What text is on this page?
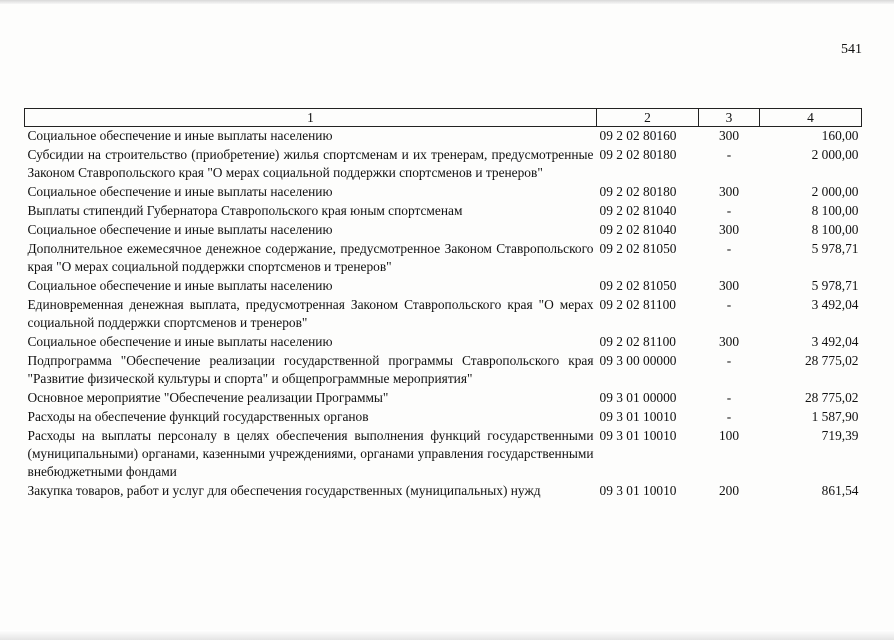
541
1	2	3	4
Социальное обеспечение и иные выплаты населению	09 2 02 80160	300	160,00
Субсидии на строительство (приобретение) жилья спортсменам и их тренерам, предусмотренные Законом Ставропольского края "О мерах социальной поддержки спортсменов и тренеров"	09 2 02 80180	-	2 000,00
Социальное обеспечение и иные выплаты населению	09 2 02 80180	300	2 000,00
Выплаты стипендий Губернатора Ставропольского края юным спортсменам	09 2 02 81040	-	8 100,00
Социальное обеспечение и иные выплаты населению	09 2 02 81040	300	8 100,00
Дополнительное ежемесячное денежное содержание, предусмотренное Законом Ставропольского края "О мерах социальной поддержки спортсменов и тренеров"	09 2 02 81050	-	5 978,71
Социальное обеспечение и иные выплаты населению	09 2 02 81050	300	5 978,71
Единовременная денежная выплата, предусмотренная Законом Ставропольского края "О мерах социальной поддержки спортсменов и тренеров"	09 2 02 81100	-	3 492,04
Социальное обеспечение и иные выплаты населению	09 2 02 81100	300	3 492,04
Подпрограмма "Обеспечение реализации государственной программы Ставропольского края "Развитие физической культуры и спорта" и общепрограммные мероприятия"	09 3 00 00000	-	28 775,02
Основное мероприятие "Обеспечение реализации Программы"	09 3 01 00000	-	28 775,02
Расходы на обеспечение функций государственных органов	09 3 01 10010	-	1 587,90
Расходы на выплаты персоналу в целях обеспечения выполнения функций государственными (муниципальными) органами, казенными учреждениями, органами управления государственными внебюджетными фондами	09 3 01 10010	100	719,39
Закупка товаров, работ и услуг для обеспечения государственных (муниципальных) нужд	09 3 01 10010	200	861,54
